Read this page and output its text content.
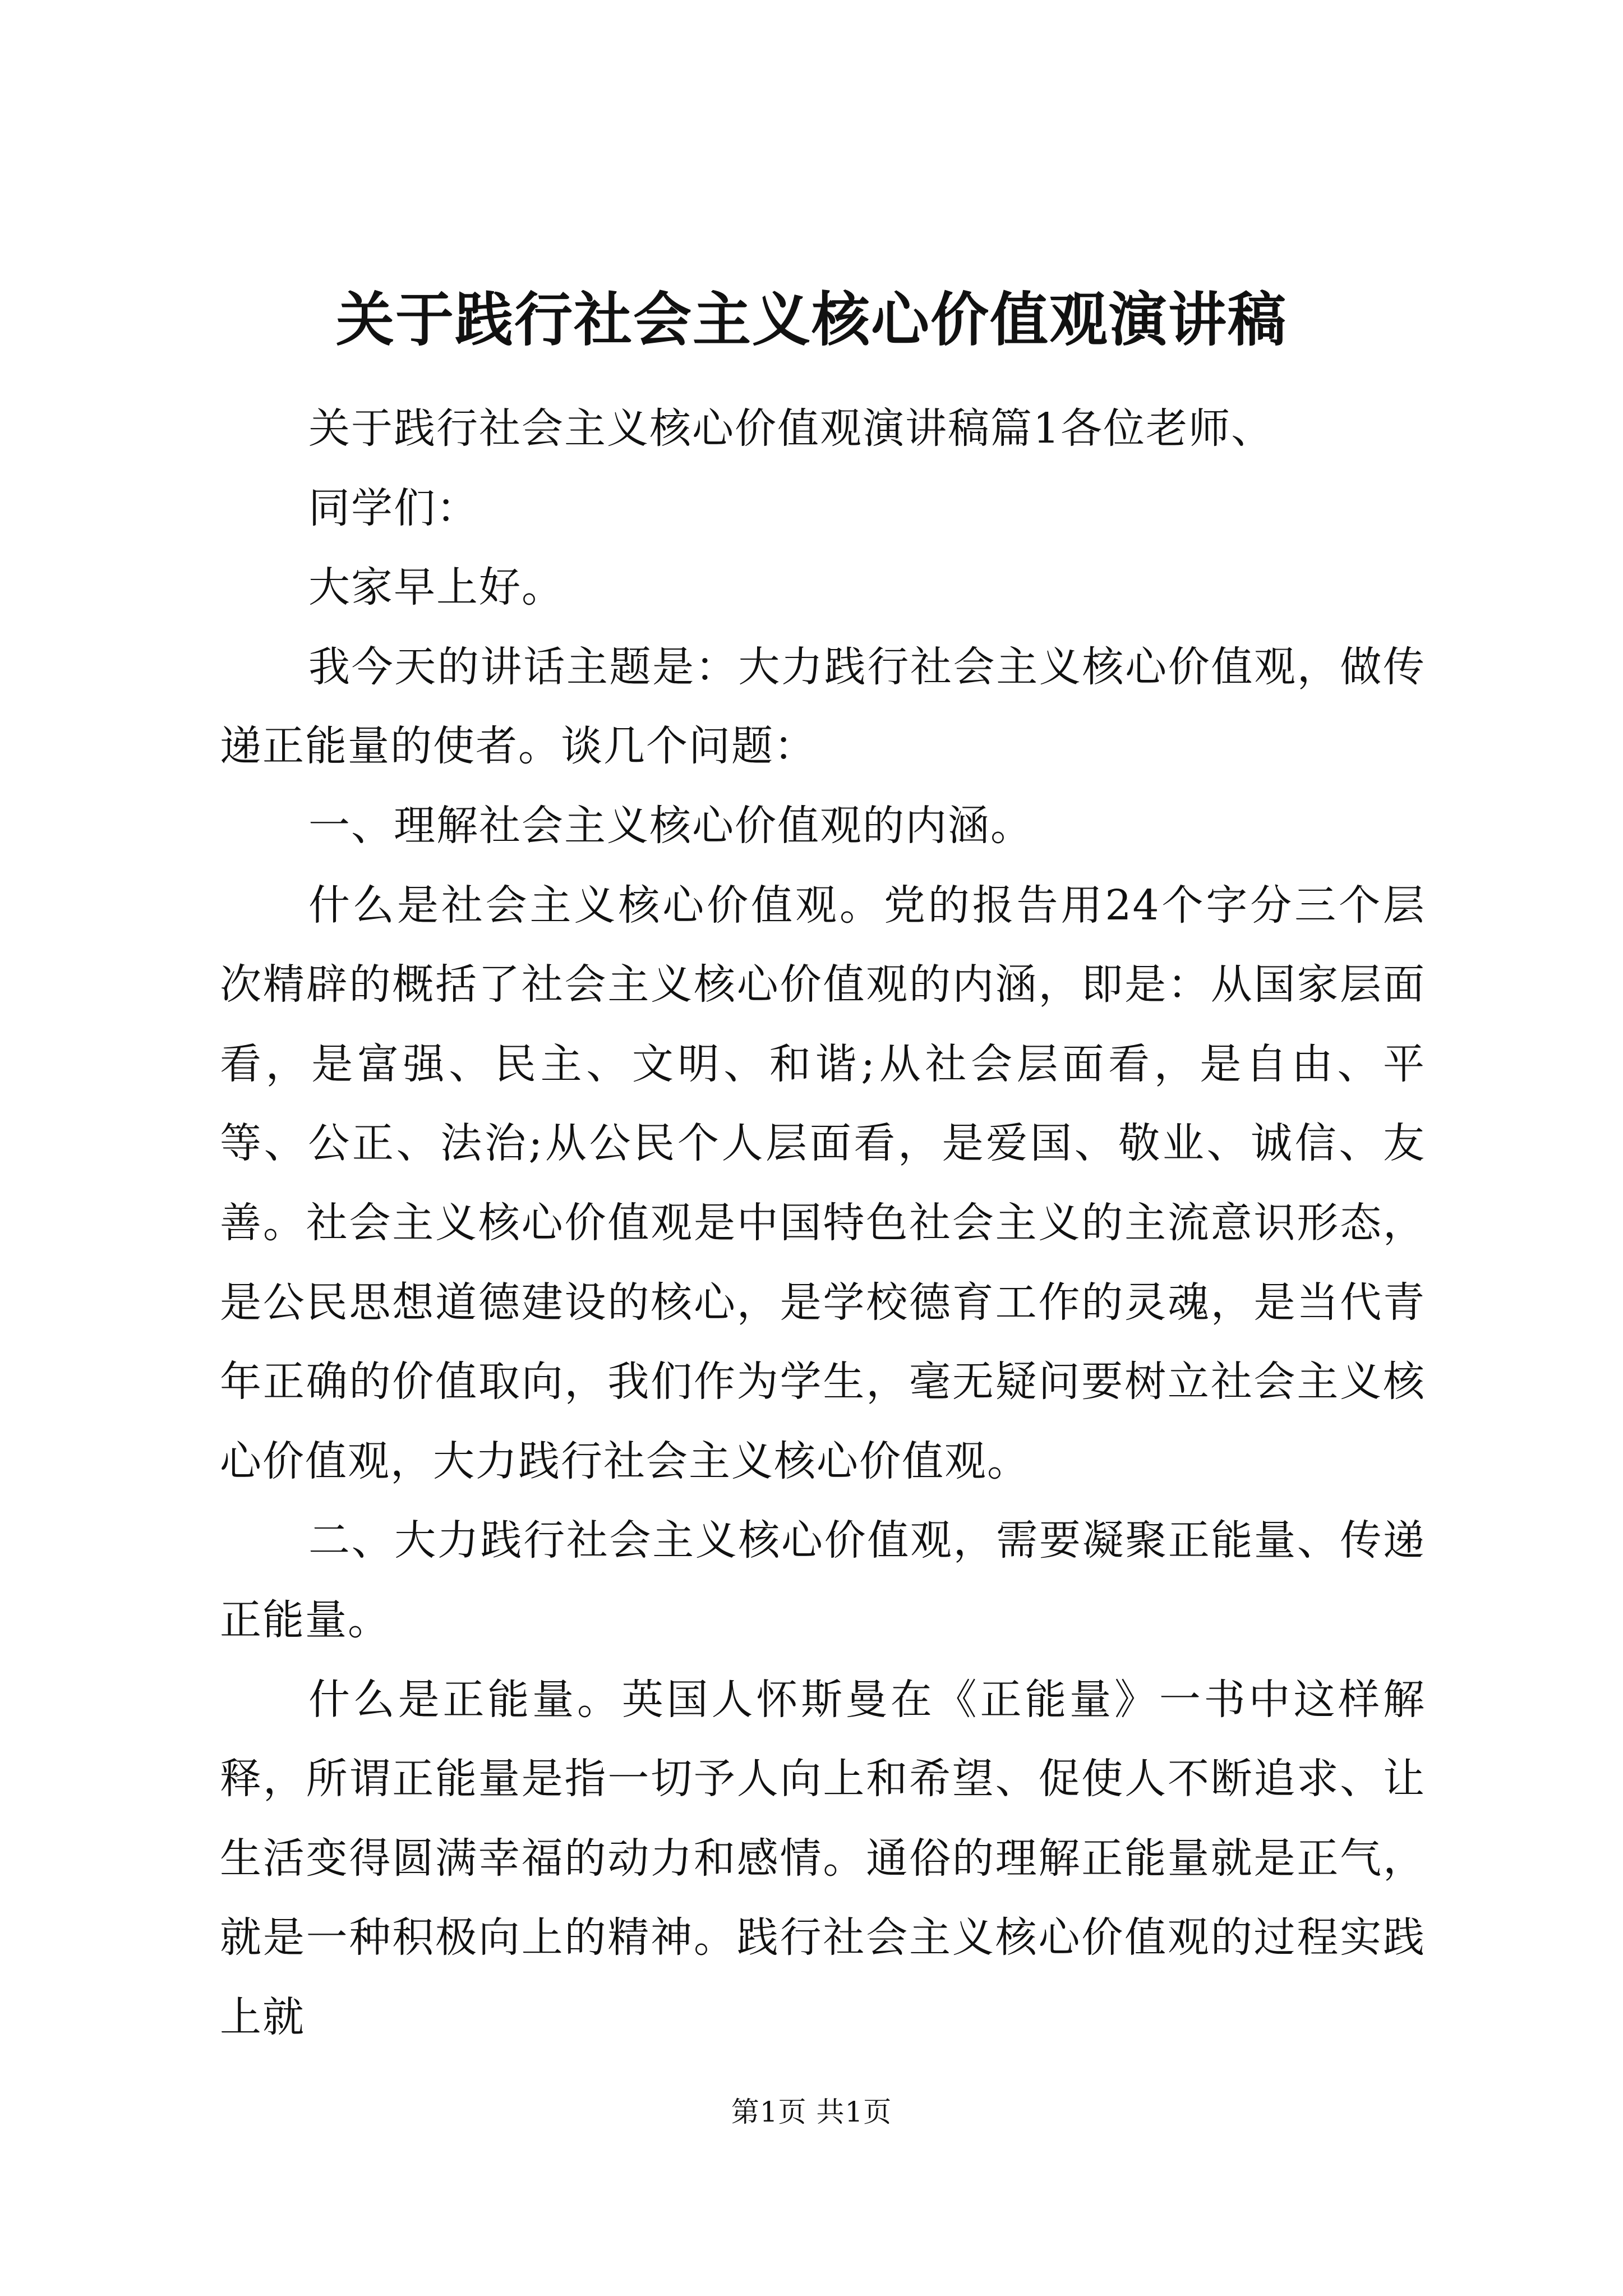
关于践行社会主义核心价值观演讲稿

关于践行社会主义核心价值观演讲稿篇1各位老师、

同学们：

大家早上好。

我今天的讲话主题是：大力践行社会主义核心价值观，做传递正能量的使者。谈几个问题：

一、理解社会主义核心价值观的内涵。

什么是社会主义核心价值观。党的报告用24个字分三个层次精辟的概括了社会主义核心价值观的内涵，即是：从国家层面看，是富强、民主、文明、和谐;从社会层面看，是自由、平等、公正、法治;从公民个人层面看，是爱国、敬业、诚信、友善。社会主义核心价值观是中国特色社会主义的主流意识形态，是公民思想道德建设的核心，是学校德育工作的灵魂，是当代青年正确的价值取向，我们作为学生，毫无疑问要树立社会主义核心价值观，大力践行社会主义核心价值观。

二、大力践行社会主义核心价值观，需要凝聚正能量、传递正能量。

什么是正能量。英国人怀斯曼在《正能量》一书中这样解释，所谓正能量是指一切予人向上和希望、促使人不断追求、让生活变得圆满幸福的动力和感情。通俗的理解正能量就是正气，就是一种积极向上的精神。践行社会主义核心价值观的过程实践上就

第1页 共1页
